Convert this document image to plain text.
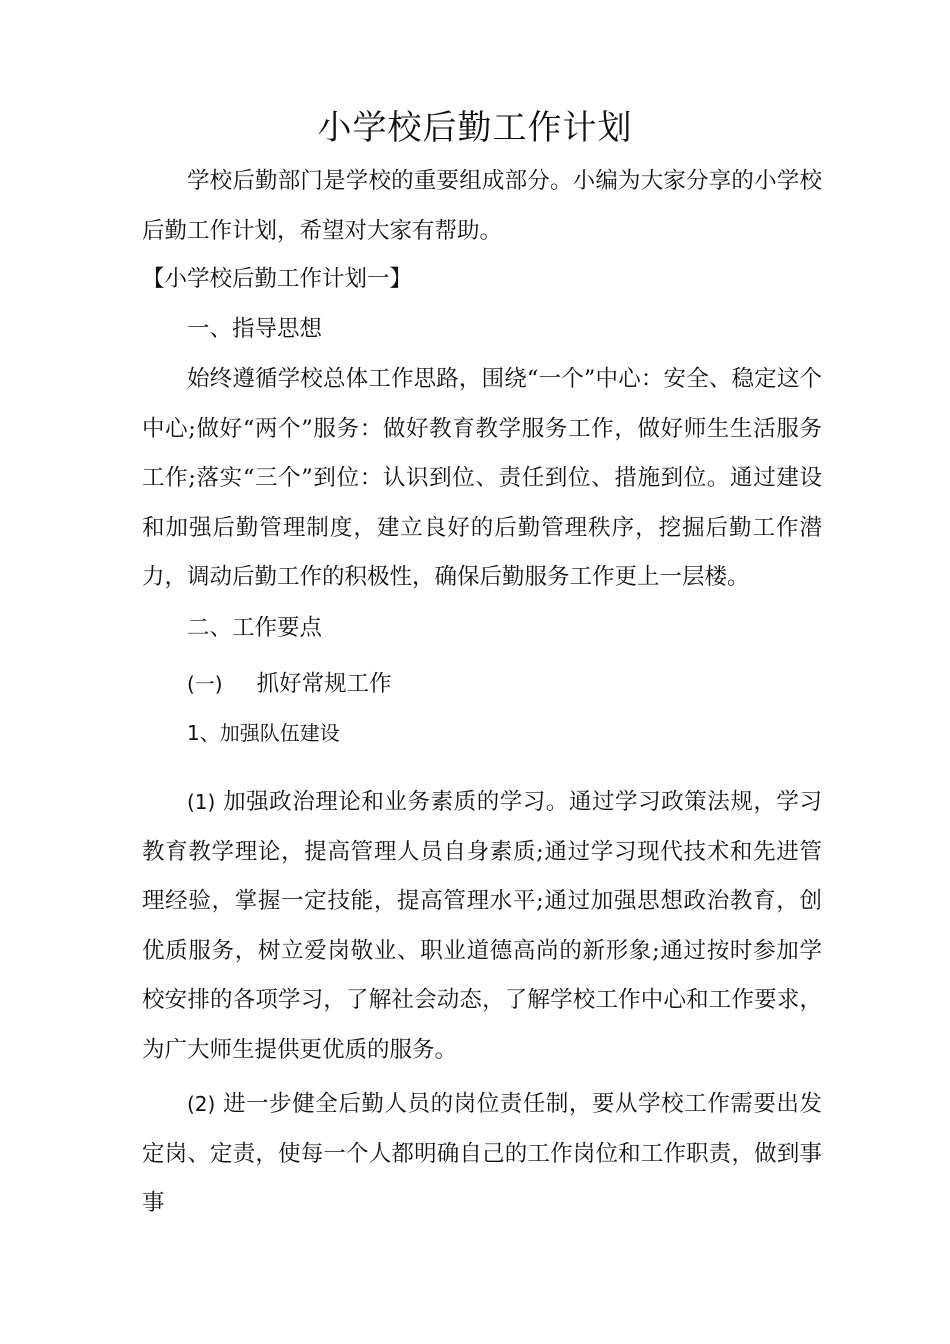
小学校后勤工作计划
学校后勤部门是学校的重要组成部分。小编为大家分享的小学校后勤工作计划，希望对大家有帮助。
【小学校后勤工作计划一】
一、指导思想
始终遵循学校总体工作思路，围绕“一个”中心：安全、稳定这个中心;做好“两个”服务：做好教育教学服务工作，做好师生生活服务工作;落实“三个”到位：认识到位、责任到位、措施到位。通过建设和加强后勤管理制度，建立良好的后勤管理秩序，挖掘后勤工作潜力，调动后勤工作的积极性，确保后勤服务工作更上一层楼。
二、工作要点
(一) 抓好常规工作
1、加强队伍建设
(1) 加强政治理论和业务素质的学习。通过学习政策法规，学习教育教学理论，提高管理人员自身素质;通过学习现代技术和先进管理经验，掌握一定技能，提高管理水平;通过加强思想政治教育，创优质服务，树立爱岗敬业、职业道德高尚的新形象;通过按时参加学校安排的各项学习，了解社会动态，了解学校工作中心和工作要求，为广大师生提供更优质的服务。
(2) 进一步健全后勤人员的岗位责任制，要从学校工作需要出发定岗、定责，使每一个人都明确自己的工作岗位和工作职责，做到事事
